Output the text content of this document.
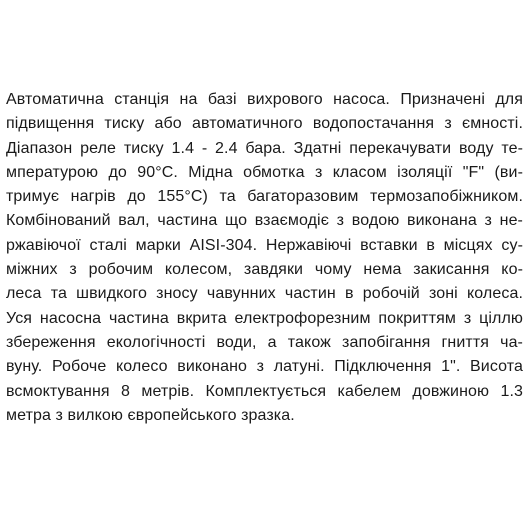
Автоматична станція на базі вихрового насоса. Призначені для
підвищення тиску або автоматичного водопостачання з ємності.
Діапазон реле тиску 1.4 - 2.4 бара. Здатні перекачувати воду те-
мпературою до 90°C. Мідна обмотка з класом ізоляції "F" (ви-
тримує нагрів до 155°C) та багаторазовим термозапобіжником.
Комбінований вал, частина що взаємодіє з водою виконана з не-
ржавіючої сталі марки AISI-304. Нержавіючі вставки в місцях су-
міжних з робочим колесом, завдяки чому нема закисання ко-
леса та швидкого зносу чавунних частин в робочій зоні колеса.
Уся насосна частина вкрита електрофорезним покриттям з ціллю
збереження екологічності води, а також запобігання гниття ча-
вуну. Робоче колесо виконано з латуні. Підключення 1". Висота
всмоктування 8 метрів. Комплектується кабелем довжиною 1.3
метра з вилкою європейського зразка.
